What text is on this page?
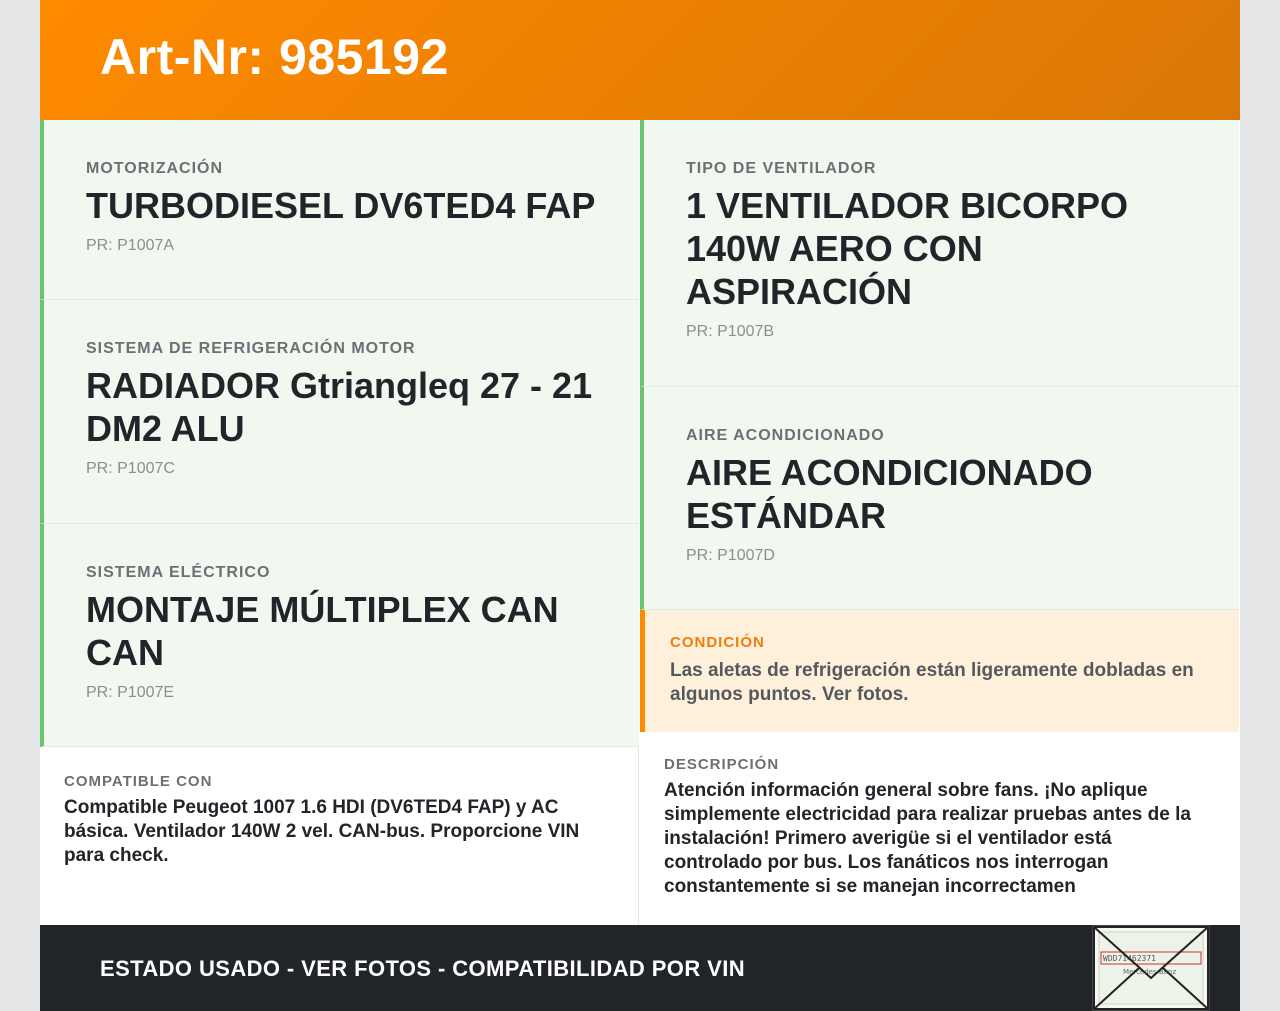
Art-Nr: 985192
MOTORIZACIÓN
TURBODIESEL DV6TED4 FAP
PR: P1007A
SISTEMA DE REFRIGERACIÓN MOTOR
RADIADOR Gtriangleq 27 - 21 DM2 ALU
PR: P1007C
SISTEMA ELÉCTRICO
MONTAJE MÚLTIPLEX CAN CAN
PR: P1007E
COMPATIBLE CON
Compatible Peugeot 1007 1.6 HDI (DV6TED4 FAP) y AC básica. Ventilador 140W 2 vel. CAN-bus. Proporcione VIN para check.
TIPO DE VENTILADOR
1 VENTILADOR BICORPO 140W AERO CON ASPIRACIÓN
PR: P1007B
AIRE ACONDICIONADO
AIRE ACONDICIONADO ESTÁNDAR
PR: P1007D
CONDICIÓN
Las aletas de refrigeración están ligeramente dobladas en algunos puntos. Ver fotos.
DESCRIPCIÓN
Atención información general sobre fans. ¡No aplique simplemente electricidad para realizar pruebas antes de la instalación! Primero averigüe si el ventilador está controlado por bus. Los fanáticos nos interrogan constantemente si se manejan incorrectamen
ESTADO USADO - VER FOTOS - COMPATIBILIDAD POR VIN	WDD71462371
Mercedes-Benz
